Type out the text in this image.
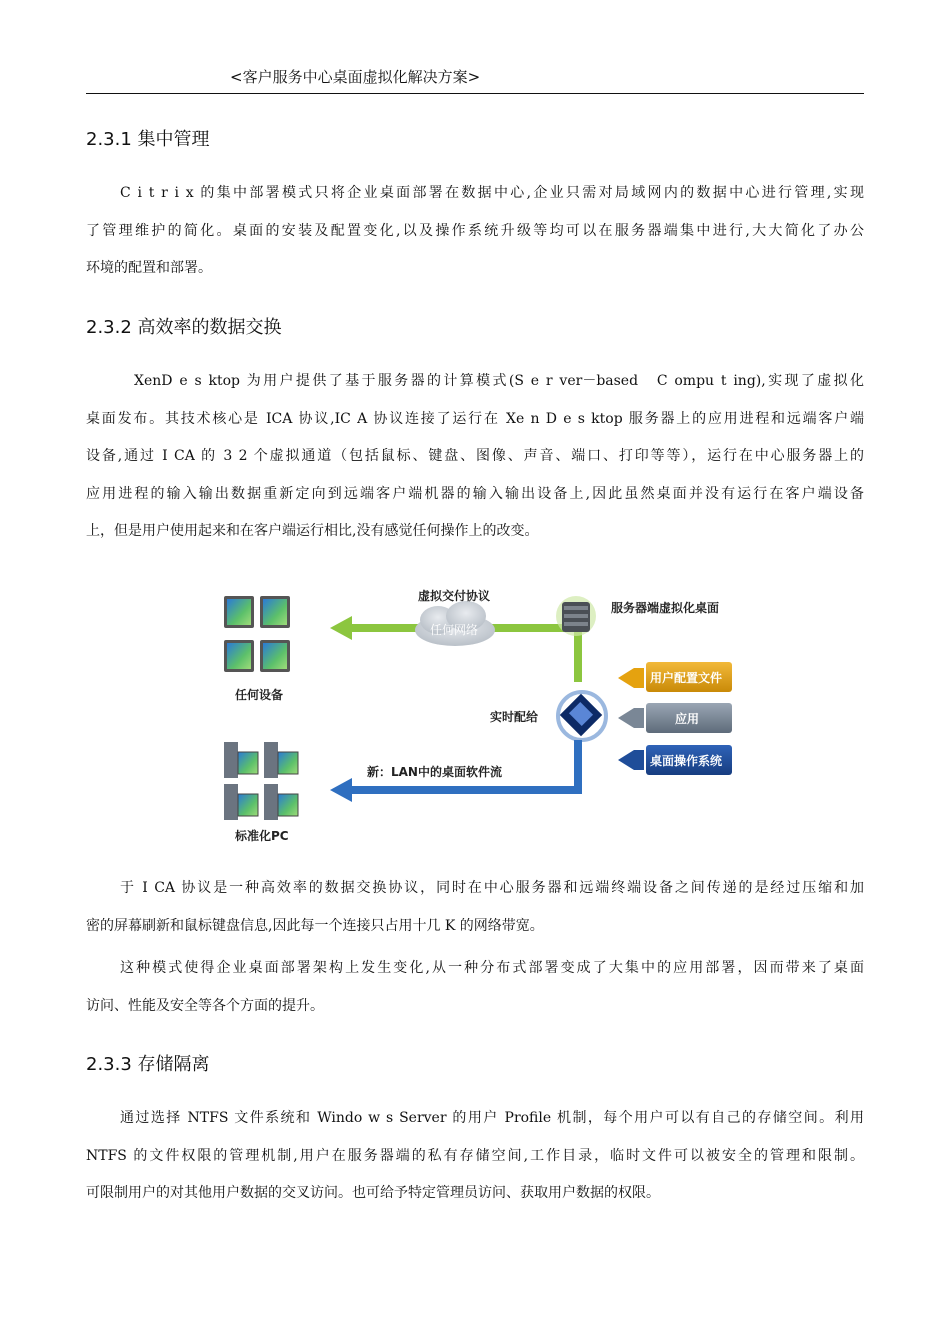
<客户服务中心桌面虚拟化解决方案>
2.3.1 集中管理
C i t r i x 的集中部署模式只将企业桌面部署在数据中心,企业只需对局域网内的数据中心进行管理,实现
了管理维护的简化。桌面的安装及配置变化,以及操作系统升级等均可以在服务器端集中进行,大大简化了办公
环境的配置和部署。
2.3.2 高效率的数据交换
XenD e s ktop 为用户提供了基于服务器的计算模式(S e r ver－based　C ompu t ing),实现了虚拟化
桌面发布。其技术核心是 ICA 协议,IC A 协议连接了运行在 Xe n D e s ktop 服务器上的应用进程和远端客户端
设备,通过 I CA 的 3 2 个虚拟通道（包括鼠标、键盘、图像、声音、端口、打印等等），运行在中心服务器上的
应用进程的输入输出数据重新定向到远端客户端机器的输入输出设备上,因此虽然桌面并没有运行在客户端设备
上，但是用户使用起来和在客户端运行相比,没有感觉任何操作上的改变。
任何设备
虚拟交付协议
任何网络
服务器端虚拟化桌面
实时配给
新：LAN中的桌面软件流
标准化PC
用户配置文件
应用
桌面操作系统
于 I CA 协议是一种高效率的数据交换协议，同时在中心服务器和远端终端设备之间传递的是经过压缩和加
密的屏幕刷新和鼠标键盘信息,因此每一个连接只占用十几 K 的网络带宽。
这种模式使得企业桌面部署架构上发生变化,从一种分布式部署变成了大集中的应用部署，因而带来了桌面
访问、性能及安全等各个方面的提升。
2.3.3 存储隔离
通过选择 NTFS 文件系统和 Windo w s Server 的用户 Profile 机制，每个用户可以有自己的存储空间。利用
NTFS 的文件权限的管理机制,用户在服务器端的私有存储空间,工作目录，临时文件可以被安全的管理和限制。
可限制用户的对其他用户数据的交叉访问。也可给予特定管理员访问、获取用户数据的权限。
